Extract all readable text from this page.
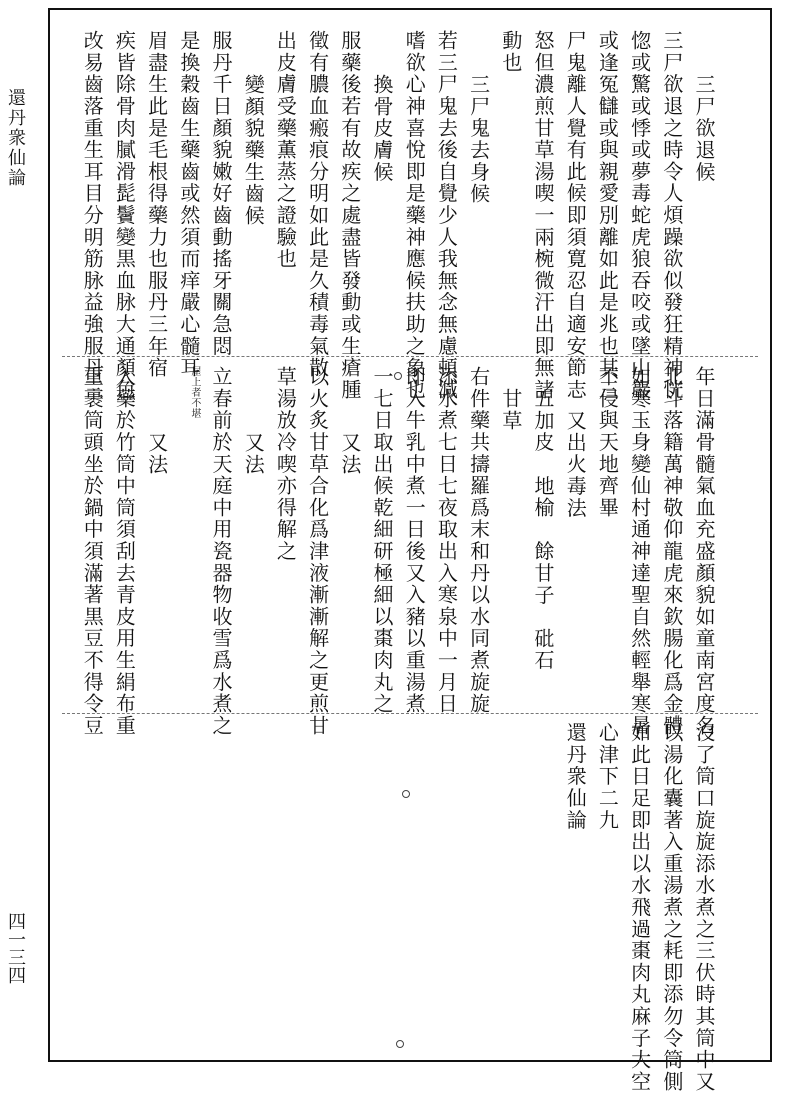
還丹衆仙論
四一三四
三尸欲退候
三尸欲退之時令人煩躁欲似發狂精神恍
惚或驚或悸或夢毒蛇虎狼吞咬或墜山巖
或逢冤讎或與親愛別離如此是兆也其三
尸鬼離人覺有此候即須寛忍自適安節志
怒但濃煎甘草湯喫一兩椀微汗出即無諸
動也
三尸鬼去身候
若三尸鬼去後自覺少人我無念無慮頓減
嗜欲心神喜悅即是藥神應候扶助之象也
換骨皮膚候
服藥後若有故疾之處盡皆發動或生瘡腫
徵有膿血瘢痕分明如此是久積毒氣散
出皮膚受藥薫蒸之證驗也
變顏貌藥生齒候
服丹千日顏貌嫩好齒動搖牙關急悶
是換穀齒生藥齒或然須而痒嚴心髓耳
眉盡生此是毛根得藥力也服丹三年宿
疾皆除骨肉膩滑髭鬢變黒血脉大通顏色
改易齒落重生耳目分明筋脉益強服丹三
年日滿骨髓氣血充盛顏貌如童南宮度名
北斗落籍萬神敬仰龍虎來欽腸化爲金體
如寒玉身變仙村通神達聖自然輕舉寒暑
不侵與天地齊畢
又出火毒法
五加皮　地榆　餘甘子　砒石
甘草
右件藥共擣羅爲末和丹以水同煮旋旋
添水煮七日七夜取出入寒泉中一月日
即入牛乳中煮一日後又入豬以重湯煮
一七日取出候乾細研極細以棗肉丸之
又法
以火炙甘草合化爲津液漸漸解之更煎甘
草湯放冷喫亦得解之
又法
立春前於天庭中用瓷器物收雪爲水煮之
屋上者不堪
又法
入藥於竹筒中筒須刮去青皮用生絹布重
重裹筒頭坐於鍋中須滿著黒豆不得令豆
沒了筒口旋旋添水煮之三伏時其筒中又
以湯化囊著入重湯煮之耗即添勿令筒側
如此日足即出以水飛過棗肉丸麻子大空
心津下二九
還丹衆仙論
